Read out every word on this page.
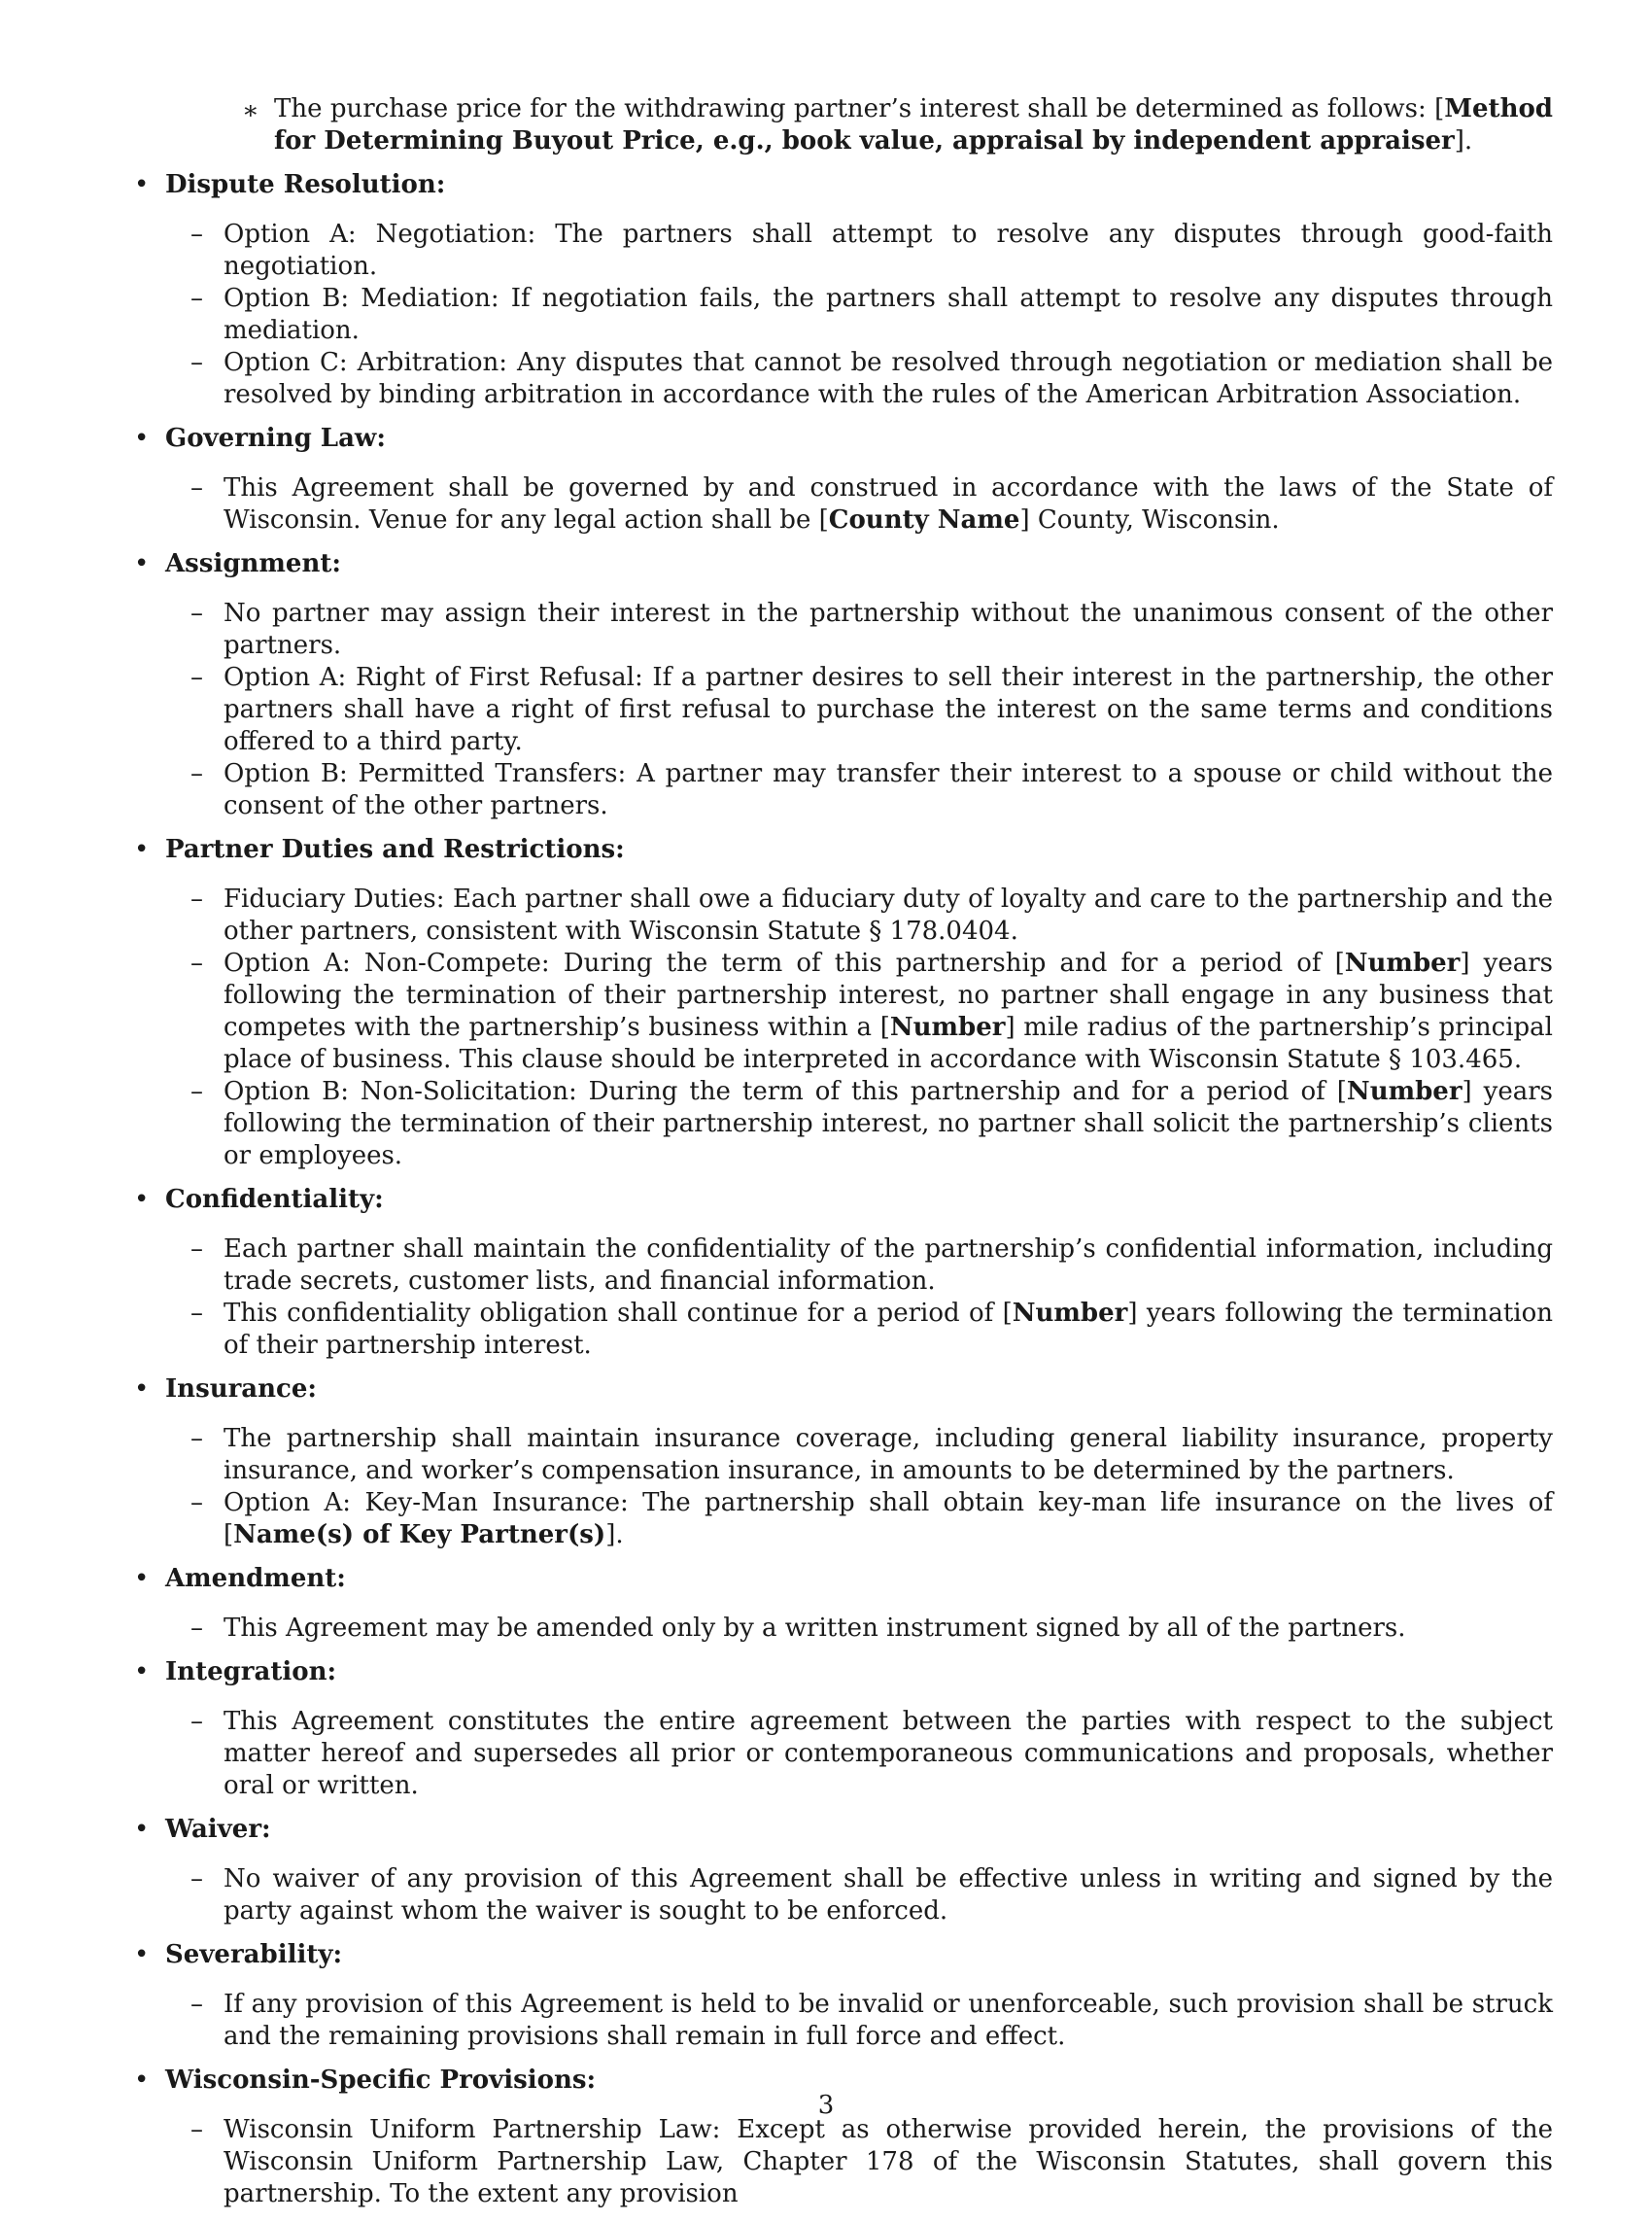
∗ The purchase price for the withdrawing partner’s interest shall be determined as follows: [Method for Determining Buyout Price, e.g., book value, appraisal by independent appraiser].
• Dispute Resolution:
– Option A: Negotiation: The partners shall attempt to resolve any disputes through good-faith negotiation.
– Option B: Mediation: If negotiation fails, the partners shall attempt to resolve any disputes through mediation.
– Option C: Arbitration: Any disputes that cannot be resolved through negotiation or mediation shall be resolved by binding arbitration in accordance with the rules of the American Arbitration Association.
• Governing Law:
– This Agreement shall be governed by and construed in accordance with the laws of the State of Wisconsin. Venue for any legal action shall be [County Name] County, Wisconsin.
• Assignment:
– No partner may assign their interest in the partnership without the unanimous consent of the other partners.
– Option A: Right of First Refusal: If a partner desires to sell their interest in the partnership, the other partners shall have a right of first refusal to purchase the interest on the same terms and conditions offered to a third party.
– Option B: Permitted Transfers: A partner may transfer their interest to a spouse or child without the consent of the other partners.
• Partner Duties and Restrictions:
– Fiduciary Duties: Each partner shall owe a fiduciary duty of loyalty and care to the partnership and the other partners, consistent with Wisconsin Statute § 178.0404.
– Option A: Non-Compete: During the term of this partnership and for a period of [Number] years following the termination of their partnership interest, no partner shall engage in any business that competes with the partnership’s business within a [Number] mile radius of the partnership’s principal place of business. This clause should be interpreted in accordance with Wisconsin Statute § 103.465.
– Option B: Non-Solicitation: During the term of this partnership and for a period of [Number] years following the termination of their partnership interest, no partner shall solicit the partnership’s clients or employees.
• Confidentiality:
– Each partner shall maintain the confidentiality of the partnership’s confidential information, including trade secrets, customer lists, and financial information.
– This confidentiality obligation shall continue for a period of [Number] years following the termination of their partnership interest.
• Insurance:
– The partnership shall maintain insurance coverage, including general liability insurance, property insurance, and worker’s compensation insurance, in amounts to be determined by the partners.
– Option A: Key-Man Insurance: The partnership shall obtain key-man life insurance on the lives of [Name(s) of Key Partner(s)].
• Amendment:
– This Agreement may be amended only by a written instrument signed by all of the partners.
• Integration:
– This Agreement constitutes the entire agreement between the parties with respect to the subject matter hereof and supersedes all prior or contemporaneous communications and proposals, whether oral or written.
• Waiver:
– No waiver of any provision of this Agreement shall be effective unless in writing and signed by the party against whom the waiver is sought to be enforced.
• Severability:
– If any provision of this Agreement is held to be invalid or unenforceable, such provision shall be struck and the remaining provisions shall remain in full force and effect.
• Wisconsin-Specific Provisions:
– Wisconsin Uniform Partnership Law: Except as otherwise provided herein, the provisions of the Wisconsin Uniform Partnership Law, Chapter 178 of the Wisconsin Statutes, shall govern this partnership. To the extent any provision
3
